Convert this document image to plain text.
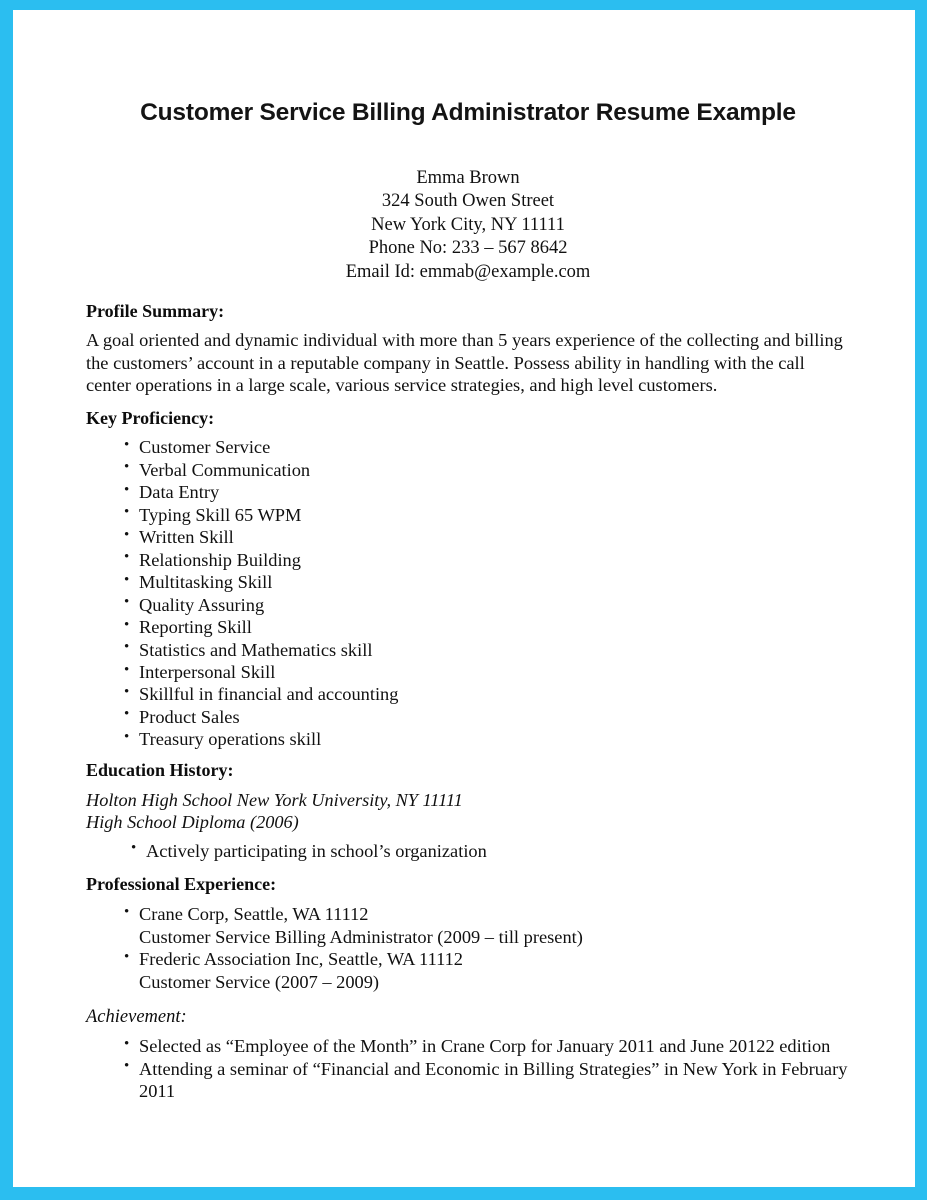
Customer Service Billing Administrator Resume Example
Emma Brown
324 South Owen Street
New York City, NY 11111
Phone No: 233 – 567 8642
Email Id: emmab@example.com
Profile Summary:

A goal oriented and dynamic individual with more than 5 years experience of the collecting and billing the customers’ account in a reputable company in Seattle. Possess ability in handling with the call center operations in a large scale, various service strategies, and high level customers.

Key Proficiency:
• Customer Service
• Verbal Communication
• Data Entry
• Typing Skill 65 WPM
• Written Skill
• Relationship Building
• Multitasking Skill
• Quality Assuring
• Reporting Skill
• Statistics and Mathematics skill
• Interpersonal Skill
• Skillful in financial and accounting
• Product Sales
• Treasury operations skill
Education History:
Holton High School New York University, NY 11111
High School Diploma (2006)
• Actively participating in school’s organization
Professional Experience:
• Crane Corp, Seattle, WA 11112
Customer Service Billing Administrator (2009 – till present)
• Frederic Association Inc, Seattle, WA 11112
Customer Service (2007 – 2009)
Achievement:
• Selected as “Employee of the Month” in Crane Corp for January 2011 and June 20122 edition
• Attending a seminar of “Financial and Economic in Billing Strategies” in New York in February 2011
